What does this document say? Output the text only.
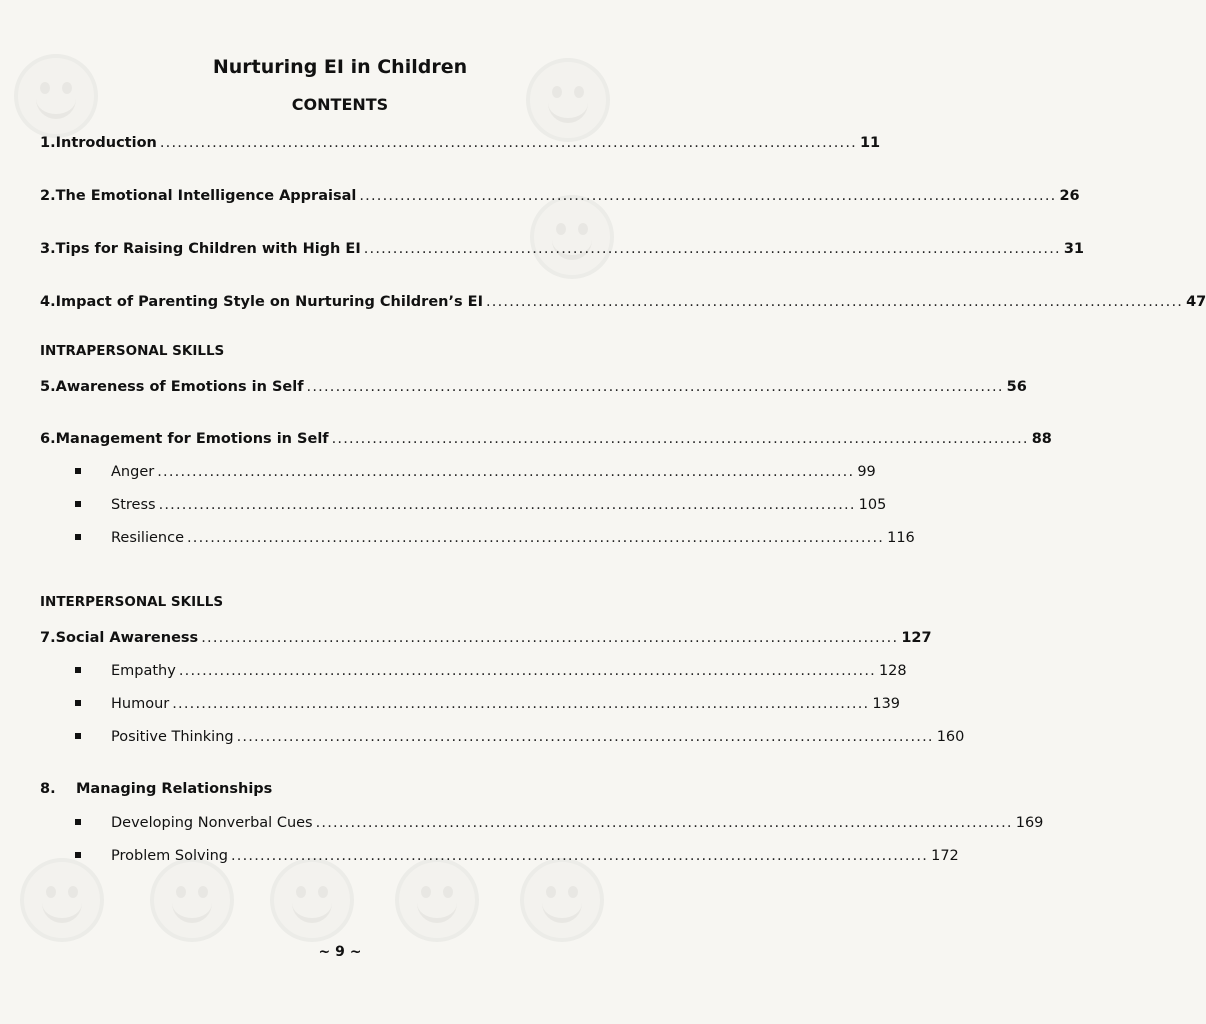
Nurturing EI in Children
CONTENTS
1. Introduction ........................................................................................................................ 11
2. The Emotional Intelligence Appraisal ........................................................................................................................ 26
3. Tips for Raising Children with High EI ........................................................................................................................ 31
4. Impact of Parenting Style on Nurturing Children’s EI ........................................................................................................................ 47
INTRAPERSONAL SKILLS
5. Awareness of Emotions in Self ........................................................................................................................ 56
6. Management for Emotions in Self ........................................................................................................................ 88
Anger ........................................................................................................................ 99
Stress ........................................................................................................................ 105
Resilience ........................................................................................................................ 116
INTERPERSONAL SKILLS
7. Social Awareness ........................................................................................................................ 127
Empathy ........................................................................................................................ 128
Humour ........................................................................................................................ 139
Positive Thinking ........................................................................................................................ 160
8.	Managing Relationships
Developing Nonverbal Cues ........................................................................................................................ 169
Problem Solving ........................................................................................................................ 172
~ 9 ~
